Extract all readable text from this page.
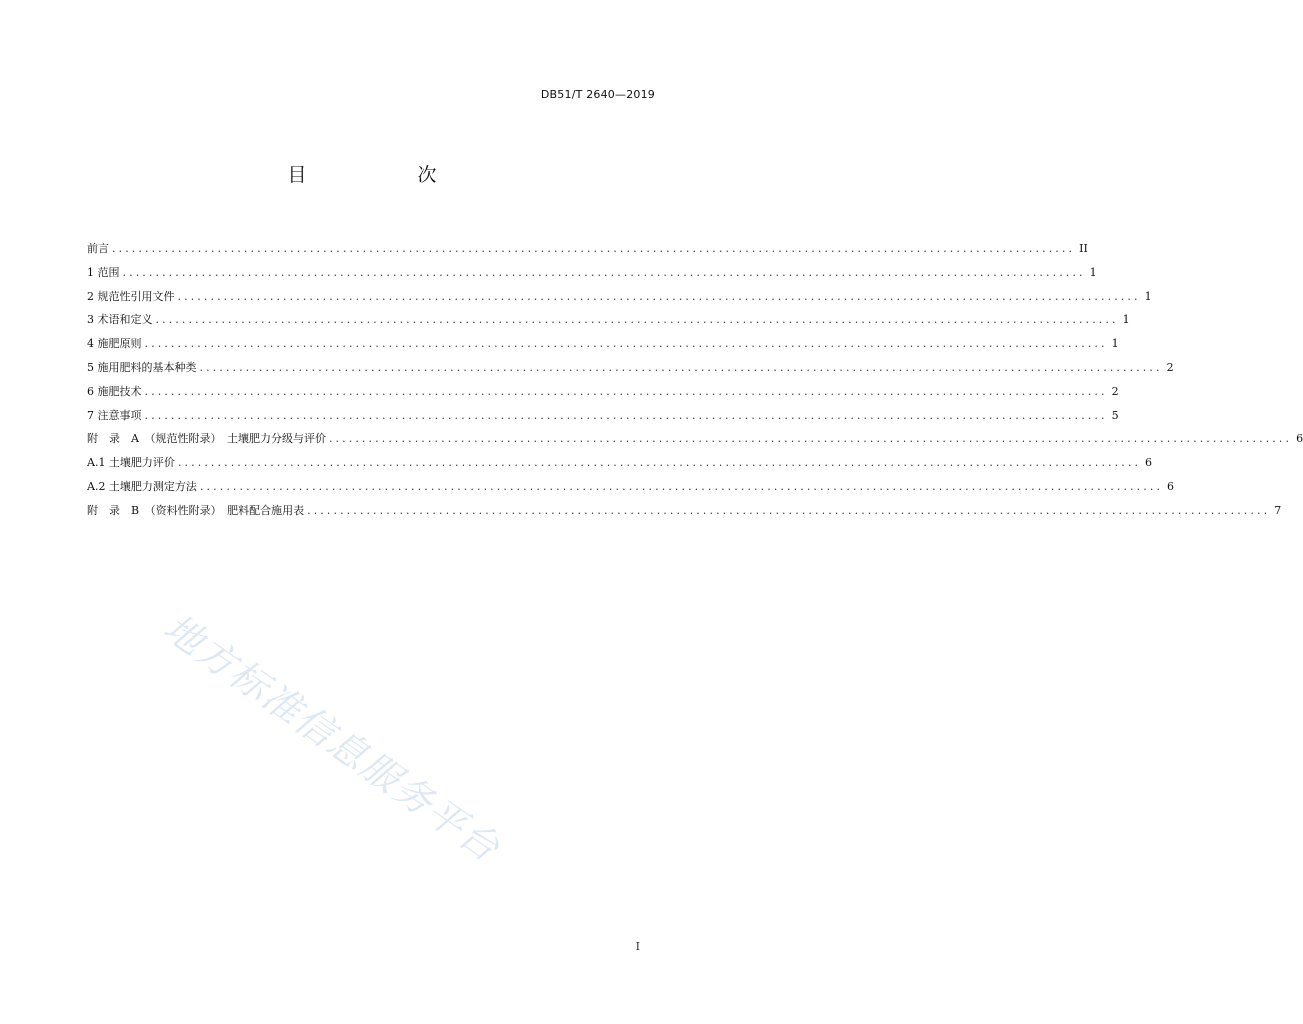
DB51/T 2640—2019
目　次
前言 .................................................................................................................................................. II
1 范围 .................................................................................................................................................. 1
2 规范性引用文件 .................................................................................................................................................. 1
3 术语和定义 .................................................................................................................................................. 1
4 施肥原则 .................................................................................................................................................. 1
5 施用肥料的基本种类 .................................................................................................................................................. 2
6 施肥技术 .................................................................................................................................................. 2
7 注意事项 .................................................................................................................................................. 5
附　录　A　（规范性附录）　土壤肥力分级与评价 .................................................................................................................................................. 6
A.1 土壤肥力评价 .................................................................................................................................................. 6
A.2 土壤肥力测定方法 .................................................................................................................................................. 6
附　录　B　（资料性附录）　肥料配合施用表 .................................................................................................................................................. 7
地方标准信息服务平台
I
